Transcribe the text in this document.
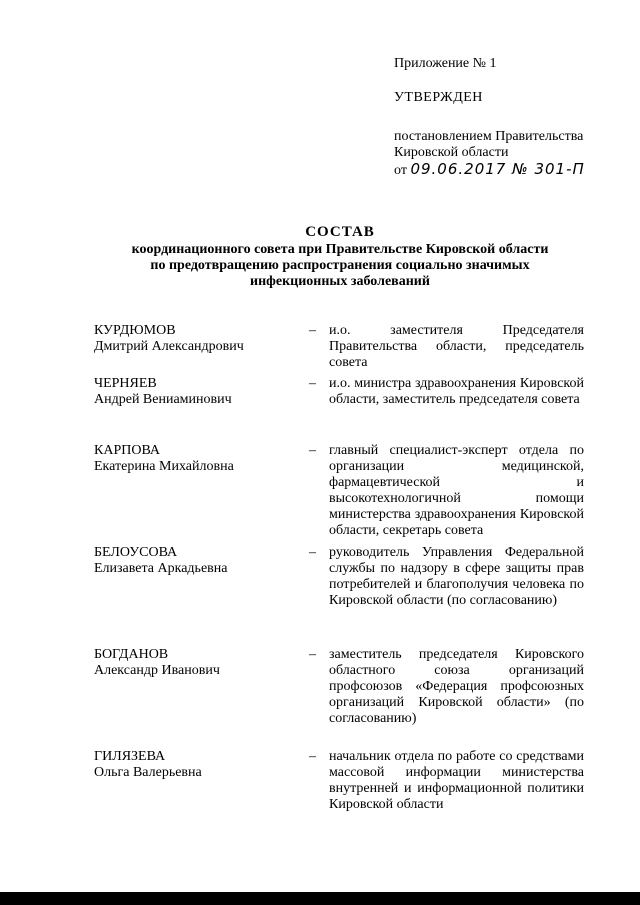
Приложение № 1
УТВЕРЖДЕН
постановлением Правительства
Кировской области
от 09.06.2017 № 301-П
СОСТАВ
координационного совета при Правительстве Кировской области
по предотвращению распространения социально значимых
инфекционных заболеваний
КУРДЮМОВ
Дмитрий Александрович
– и.о. заместителя Председателя Правительства области, председатель совета
ЧЕРНЯЕВ
Андрей Вениаминович
– и.о. министра здравоохранения Кировской области, заместитель председателя совета
КАРПОВА
Екатерина Михайловна
– главный специалист-эксперт отдела по организации медицинской, фармацевтической и высокотехнологичной помощи министерства здравоохранения Кировской области, секретарь совета
БЕЛОУСОВА
Елизавета Аркадьевна
– руководитель Управления Федеральной службы по надзору в сфере защиты прав потребителей и благополучия человека по Кировской области (по согласованию)
БОГДАНОВ
Александр Иванович
– заместитель председателя Кировского областного союза организаций профсоюзов «Федерация профсоюзных организаций Кировской области» (по согласованию)
ГИЛЯЗЕВА
Ольга Валерьевна
– начальник отдела по работе со средствами массовой информации министерства внутренней и информационной политики Кировской области
